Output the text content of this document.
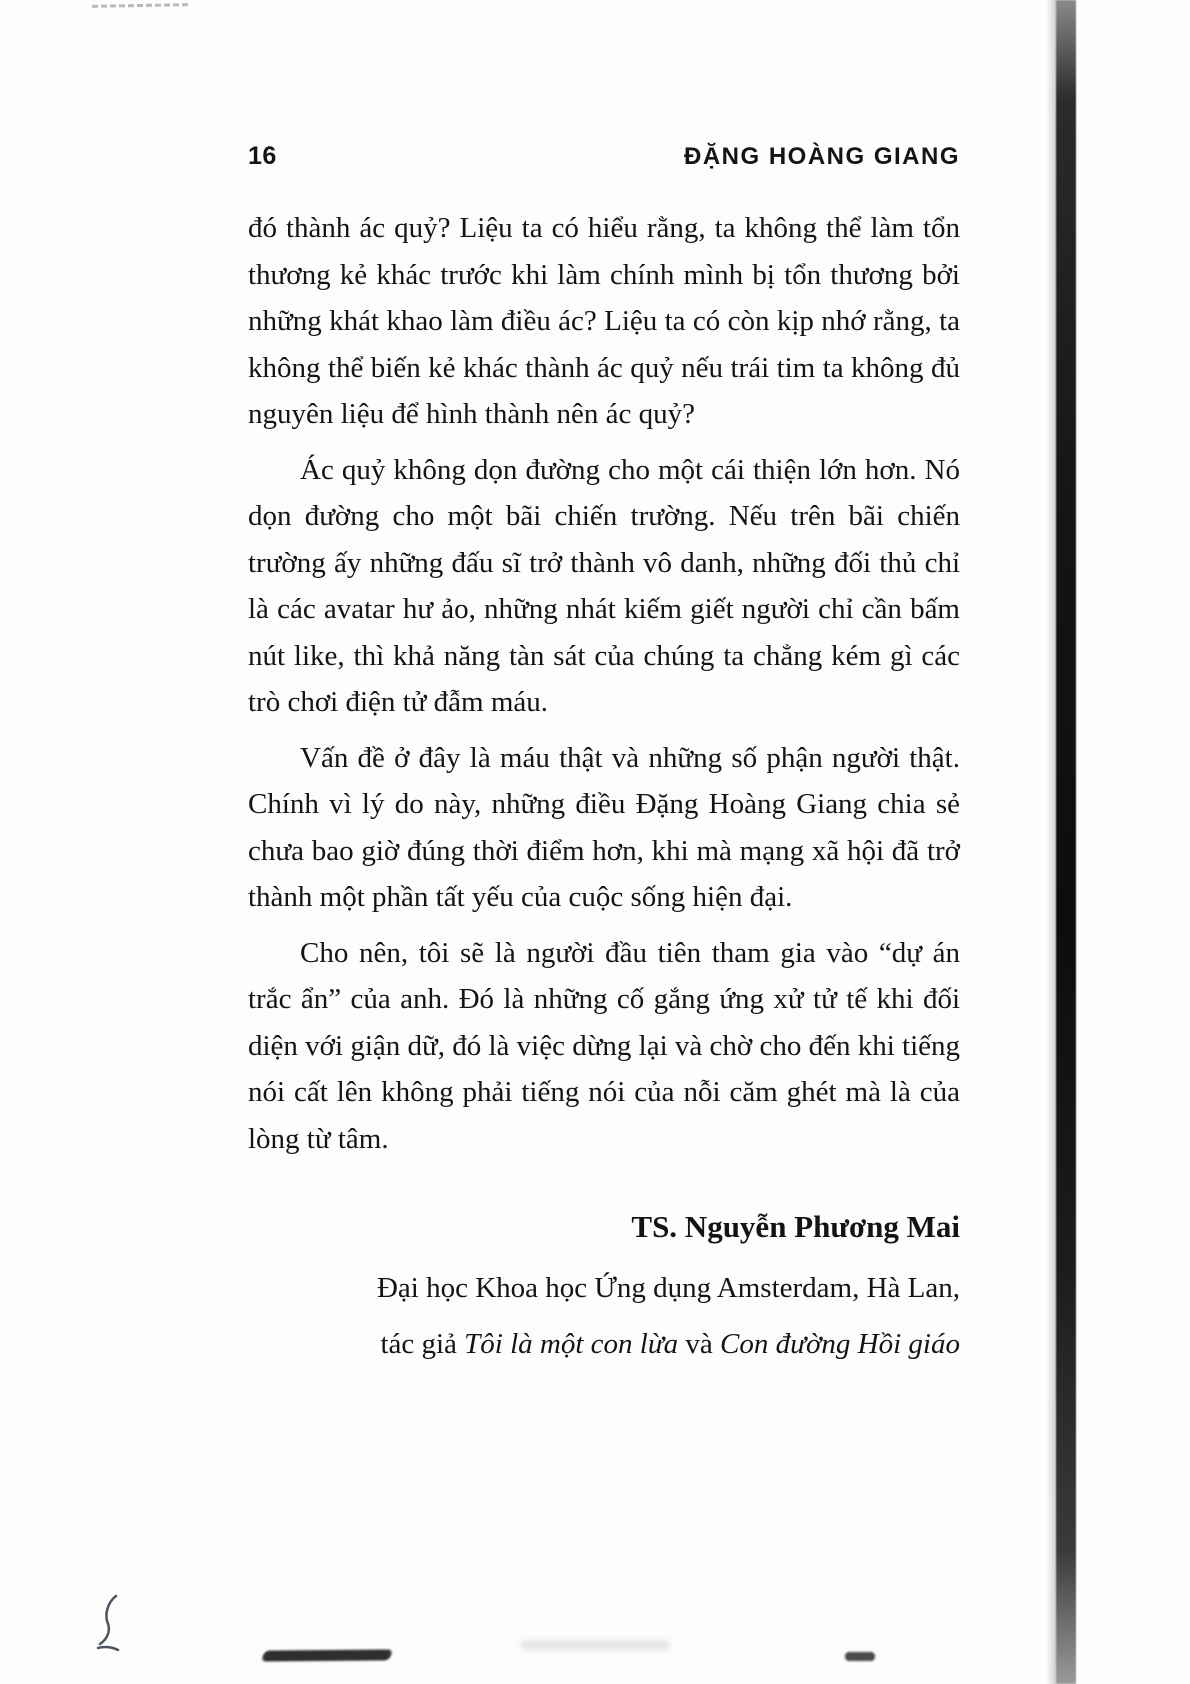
16	ĐẶNG HOÀNG GIANG

đó thành ác quỷ? Liệu ta có hiểu rằng, ta không thể làm tổn thương kẻ khác trước khi làm chính mình bị tổn thương bởi những khát khao làm điều ác? Liệu ta có còn kịp nhớ rằng, ta không thể biến kẻ khác thành ác quỷ nếu trái tim ta không đủ nguyên liệu để hình thành nên ác quỷ?

Ác quỷ không dọn đường cho một cái thiện lớn hơn. Nó dọn đường cho một bãi chiến trường. Nếu trên bãi chiến trường ấy những đấu sĩ trở thành vô danh, những đối thủ chỉ là các avatar hư ảo, những nhát kiếm giết người chỉ cần bấm nút like, thì khả năng tàn sát của chúng ta chẳng kém gì các trò chơi điện tử đẫm máu.

Vấn đề ở đây là máu thật và những số phận người thật. Chính vì lý do này, những điều Đặng Hoàng Giang chia sẻ chưa bao giờ đúng thời điểm hơn, khi mà mạng xã hội đã trở thành một phần tất yếu của cuộc sống hiện đại.

Cho nên, tôi sẽ là người đầu tiên tham gia vào “dự án trắc ẩn” của anh. Đó là những cố gắng ứng xử tử tế khi đối diện với giận dữ, đó là việc dừng lại và chờ cho đến khi tiếng nói cất lên không phải tiếng nói của nỗi căm ghét mà là của lòng từ tâm.

TS. Nguyễn Phương Mai
Đại học Khoa học Ứng dụng Amsterdam, Hà Lan,
tác giả Tôi là một con lừa và Con đường Hồi giáo
